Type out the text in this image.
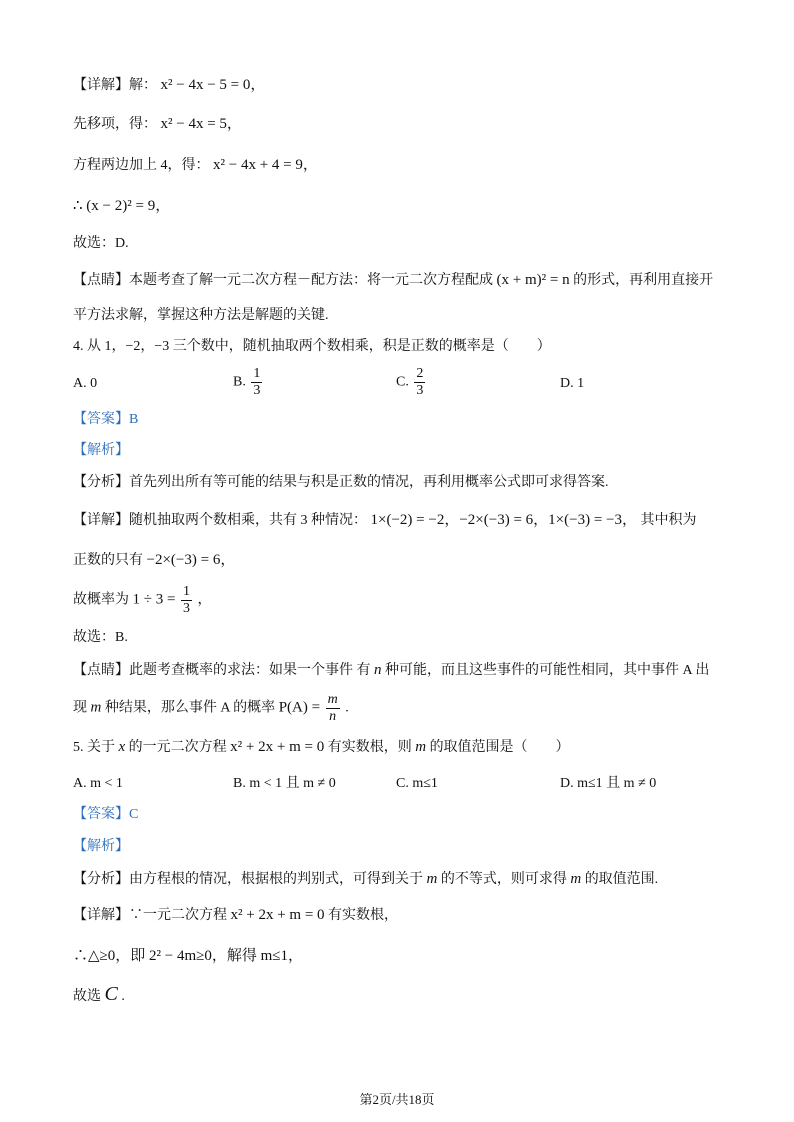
【详解】解： x² − 4x − 5 = 0，
先移项，得： x² − 4x = 5，
方程两边加上 4，得： x² − 4x + 4 = 9，
∴ (x − 2)² = 9，
故选：D.
【点睛】本题考查了解一元二次方程－配方法：将一元二次方程配成 (x + m)² = n 的形式，再利用直接开
平方法求解，掌握这种方法是解题的关键.
4. 从 1，−2，−3 三个数中，随机抽取两个数相乘，积是正数的概率是（　　）
A. 0	B. $\frac{1}{3}$	C. $\frac{2}{3}$	D. 1
【答案】B
【解析】
【分析】首先列出所有等可能的结果与积是正数的情况，再利用概率公式即可求得答案.
【详解】随机抽取两个数相乘，共有 3 种情况： 1×(−2) = −2，−2×(−3) = 6，1×(−3) = −3， 其中积为
正数的只有 −2×(−3) = 6，
故概率为 $1 \div 3 = \frac{1}{3}$ ，
故选：B.
【点睛】此题考查概率的求法：如果一个事件 有 n 种可能，而且这些事件的可能性相同，其中事件 A 出
现 m 种结果，那么事件 A 的概率 $P(A) = \frac{m}{n}$ .
5. 关于 x 的一元二次方程 x² + 2x + m = 0 有实数根，则 m 的取值范围是（　　）
A. m < 1	B. m < 1 且 m ≠ 0	C. m≤1	D. m≤1 且 m ≠ 0
【答案】C
【解析】
【分析】由方程根的情况，根据根的判别式，可得到关于 m 的不等式，则可求得 m 的取值范围.
【详解】∵一元二次方程 x² + 2x + m = 0 有实数根，
∴△≥0，即 2² − 4m≥0，解得 m≤1，
故选 C .
第2页/共18页
